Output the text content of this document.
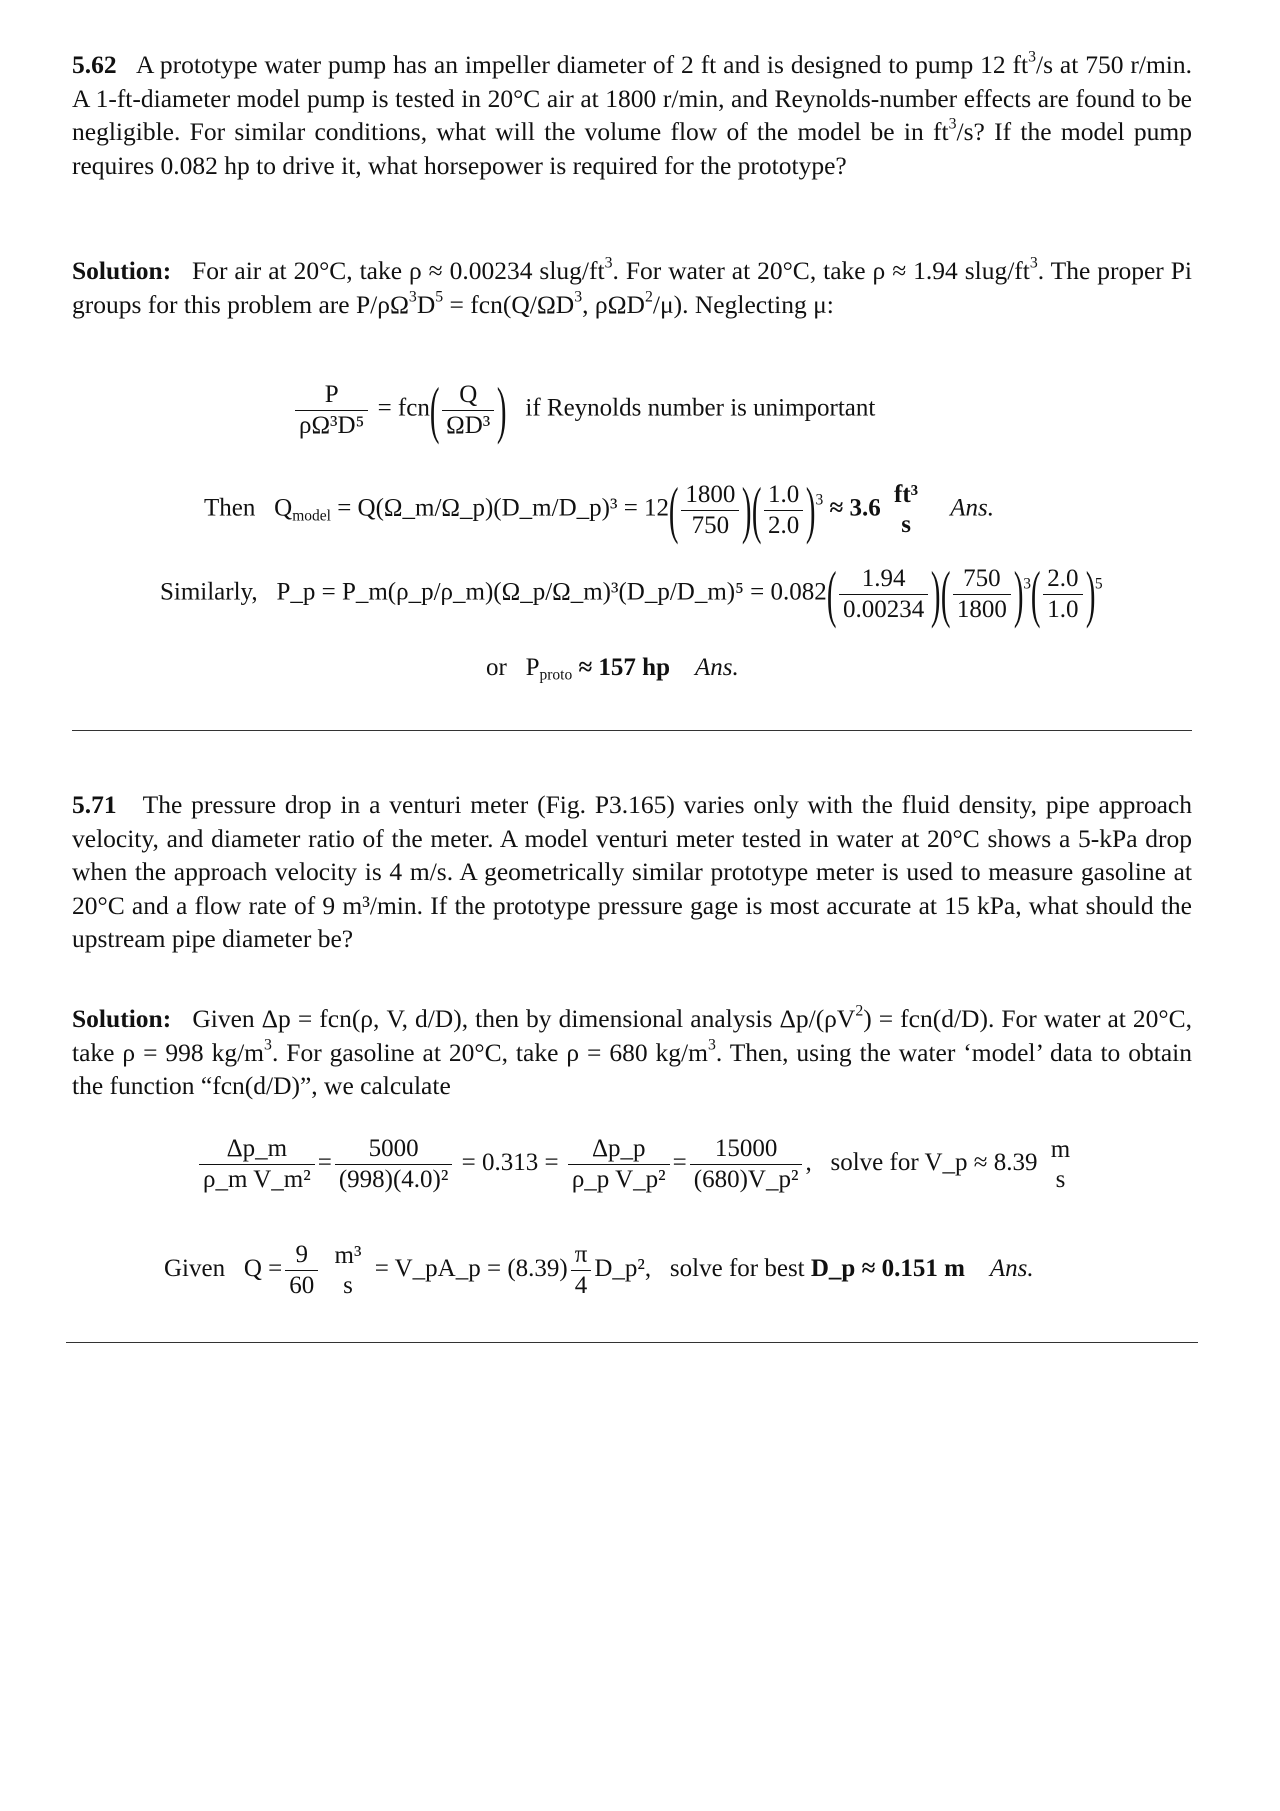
5.62 A prototype water pump has an impeller diameter of 2 ft and is designed to pump 12 $ft^3/s$ at 750 r/min. A 1-ft-diameter model pump is tested in 20°C air at 1800 r/min, and Reynolds-number effects are found to be negligible. For similar conditions, what will the volume flow of the model be in $ft^3/s$? If the model pump requires 0.082 hp to drive it, what horsepower is required for the prototype?
Solution: For air at 20°C, take ρ ≈ 0.00234 slug/$ft^3$. For water at 20°C, take ρ ≈ 1.94 slug/$ft^3$. The proper Pi groups for this problem are $P/\rho\Omega^3D^5 = fcn(Q/\Omega D^3$, ρΩD$^2$/μ). Neglecting μ:
$\frac{P}{\text{ρΩ³D⁵}} = fcn( \frac{Q}{\text{ΩD³}}$ ) if Reynolds number is unimportant
Then $Q_{model}$ = Q(Ω_m/Ω_p)(D_m/D_p)³ = $12( \frac{1800}{750}$ )( $\frac{1.0}{2.0} )^3 \approx 3.6$
ft³
s
Ans.
Similarly, P_p = P_m(ρ_p/ρ_m)(Ω_p/Ω_m)³(D_p/D_m)⁵ = $0.082( \frac{1.94}{0.00234}$ )( $\frac{750}{1800} )^3( \frac{2.0}{1.0} )^5$
or $P_{proto} \approx 157$ hp Ans.
5.71 The pressure drop in a venturi meter (Fig. P3.165) varies only with the fluid density, pipe approach velocity, and diameter ratio of the meter. A model venturi meter tested in water at 20°C shows a 5-kPa drop when the approach velocity is 4 m/s. A geometrically similar prototype meter is used to measure gasoline at 20°C and a flow rate of 9 m³/min. If the prototype pressure gage is most accurate at 15 kPa, what should the upstream pipe diameter be?
Solution: Given Δp = fcn(ρ, V, d/D), then by dimensional analysis $\Delta p/(\rho V^2) = fcn(d/D)$. For water at 20°C, take ρ = 998 $kg/m^3$. For gasoline at 20°C, take ρ = 680 $kg/m^3$. Then, using the water ‘model’ data to obtain the function “fcn(d/D)”, we calculate
$\frac{\Delta p\_m}{\text{ρ\_m V\_m²}} = \frac{5000}{\text{(998)(4.0)²}} = 0.313 = \frac{\Delta p\_p}{\text{ρ\_p V\_p²}} = \frac{15000}{\text{(680)V\_p²}}$ ,   solve for V_p ≈ 8.39
m
s
Given $Q = \frac{9}{60}$
m³
s
= V_pA_p = $(8.39) \frac{\pi}{4}$ D_p², solve for best D_p ≈ 0.151 m Ans.
